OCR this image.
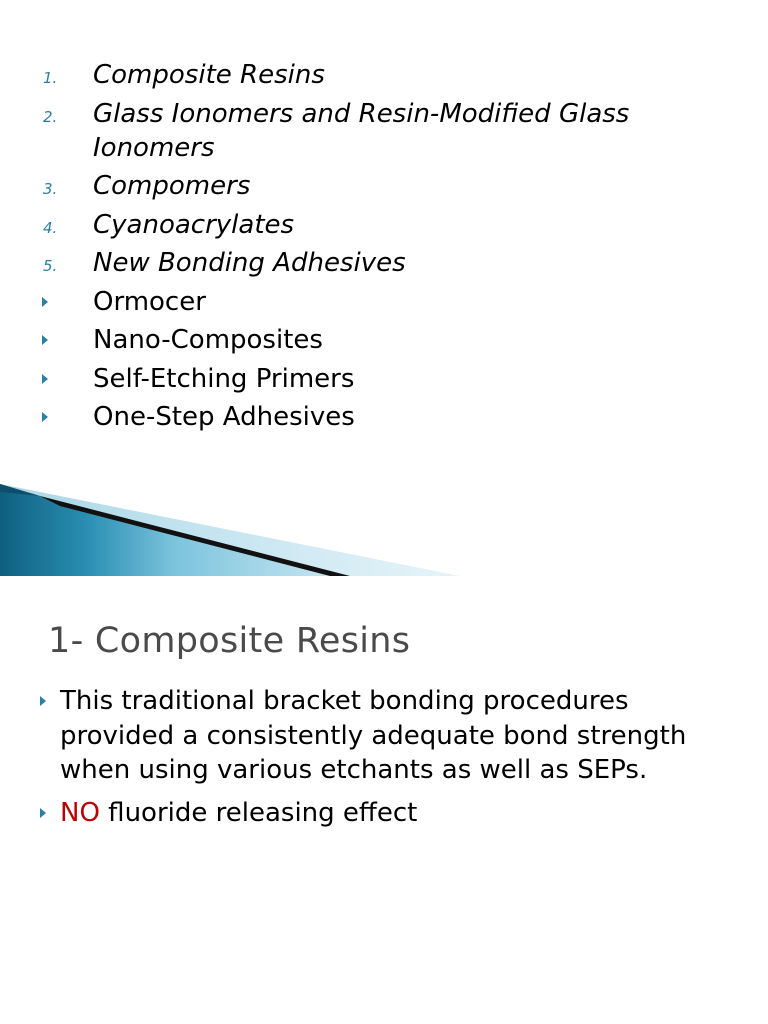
1. Composite Resins
2. Glass Ionomers and Resin-Modified Glass Ionomers
3. Compomers
4. Cyanoacrylates
5. New Bonding Adhesives
Ormocer
Nano-Composites
Self-Etching Primers
One-Step Adhesives
1- Composite Resins
This traditional bracket bonding procedures provided a consistently adequate bond strength when using various etchants as well as SEPs.
NO fluoride releasing effect
